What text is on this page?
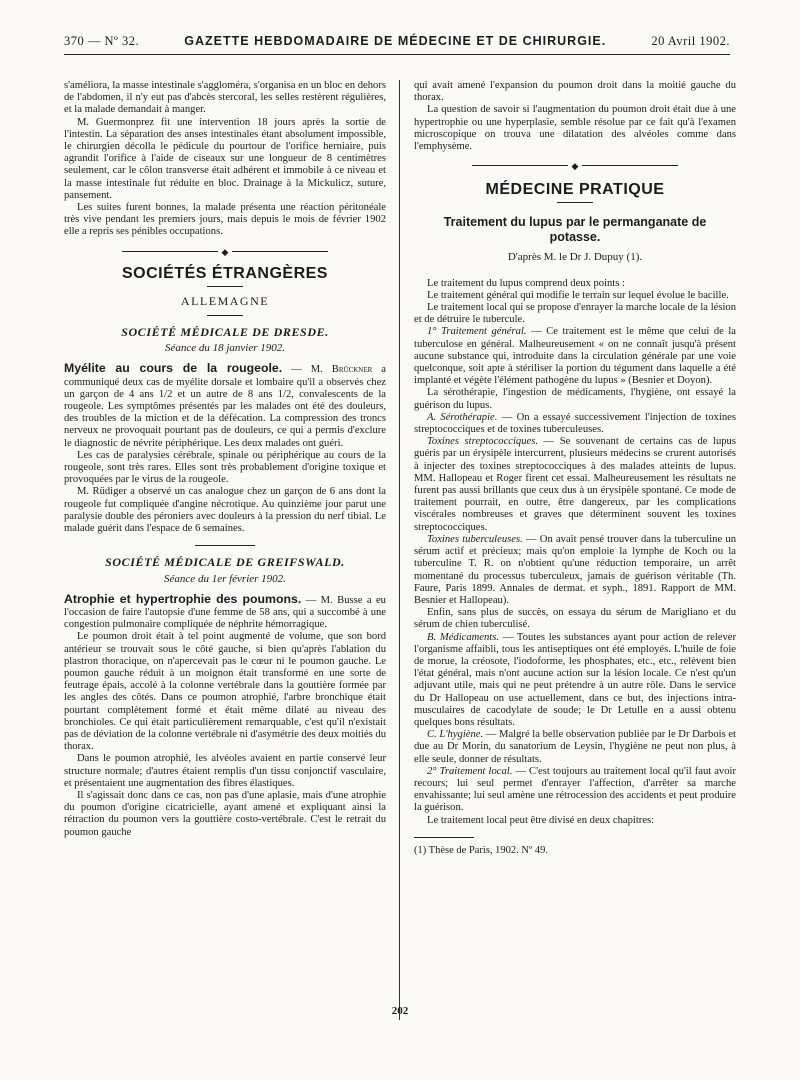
370 — Nº 32.	GAZETTE HEBDOMADAIRE DE MÉDECINE ET DE CHIRURGIE.	20 Avril 1902.

s'améliora, la masse intestinale s'aggloméra, s'organisa en un bloc en dehors de l'abdomen, il n'y eut pas d'abcès stercoral, les selles restèrent régulières, et la malade demandait à manger.

M. Guermonprez fit une intervention 18 jours après la sortie de l'intestin. La séparation des anses intestinales étant absolument impossible, le chirurgien décolla le pédicule du pourtour de l'orifice herniaire, puis agrandit l'orifice à l'aide de ciseaux sur une longueur de 8 centimètres seulement, car le côlon transverse était adhérent et immobile à ce niveau et la masse intestinale fut réduite en bloc. Drainage à la Mickulicz, suture, pansement.

Les suites furent bonnes, la malade présenta une réaction péritonéale très vive pendant les premiers jours, mais depuis le mois de février 1902 elle a repris ses pénibles occupations.

◆
SOCIÉTÉS ÉTRANGÈRES
ALLEMAGNE
SOCIÉTÉ MÉDICALE DE DRESDE.
Séance du 18 janvier 1902.

Myélite au cours de la rougeole. — M. Brückner a communiqué deux cas de myélite dorsale et lombaire qu'il a observés chez un garçon de 4 ans 1/2 et un autre de 8 ans 1/2, convalescents de la rougeole. Les symptômes présentés par les malades ont été des douleurs, des troubles de la miction et de la défécation. La compression des troncs nerveux ne provoquait pourtant pas de douleurs, ce qui a permis d'exclure le diagnostic de névrite périphérique. Les deux malades ont guéri.

Les cas de paralysies cérébrale, spinale ou périphérique au cours de la rougeole, sont très rares. Elles sont très probablement d'origine toxique et provoquées par le virus de la rougeole.

M. Rüdiger a observé un cas analogue chez un garçon de 6 ans dont la rougeole fut compliquée d'angine nécrotique. Au quinzième jour parut une paralysie double des péroniers avec douleurs à la pression du nerf tibial. Le malade guérit dans l'espace de 6 semaines.

SOCIÉTÉ MÉDICALE DE GREIFSWALD.
Séance du 1er février 1902.

Atrophie et hypertrophie des poumons. — M. Busse a eu l'occasion de faire l'autopsie d'une femme de 58 ans, qui a succombé à une congestion pulmonaire compliquée de néphrite hémorragique.

Le poumon droit était à tel point augmenté de volume, que son bord antérieur se trouvait sous le côté gauche, si bien qu'après l'ablation du plastron thoracique, on n'apercevait pas le cœur ni le poumon gauche. Le poumon gauche réduit à un moignon était transformé en une sorte de feutrage épais, accolé à la colonne vertébrale dans la gouttière formée par les angles des côtés. Dans ce poumon atrophié, l'arbre bronchique était pourtant complètement formé et était même dilaté au niveau des bronchioles. Ce qui était particulièrement remarquable, c'est qu'il n'existait pas de déviation de la colonne vertébrale ni d'asymétrie des deux moitiés du thorax.

Dans le poumon atrophié, les alvéoles avaient en partie conservé leur structure normale; d'autres étaient remplis d'un tissu conjonctif vasculaire, et présentaient une augmentation des fibres élastiques.

Il s'agissait donc dans ce cas, non pas d'une aplasie, mais d'une atrophie du poumon d'origine cicatricielle, ayant amené et expliquant ainsi la rétraction du poumon vers la gouttière costo-vertébrale. C'est le retrait du poumon gauche

qui avait amené l'expansion du poumon droit dans la moitié gauche du thorax.

La question de savoir si l'augmentation du poumon droit était due à une hypertrophie ou une hyperplasie, semble résolue par ce fait qu'à l'examen microscopique on trouva une dilatation des alvéoles comme dans l'emphysème.

◆
MÉDECINE PRATIQUE
Traitement du lupus par le permanganate de potasse.
D'après M. le Dr J. Dupuy (1).

Le traitement du lupus comprend deux points :

Le traitement général qui modifie le terrain sur lequel évolue le bacille.

Le traitement local qui se propose d'enrayer la marche locale de la lésion et de détruire le tubercule.

1° Traitement général. — Ce traitement est le même que celui de la tuberculose en général. Malheureusement « on ne connaît jusqu'à présent aucune substance qui, introduite dans la circulation générale par une voie quelconque, soit apte à stériliser la portion du tégument dans laquelle a été implanté et végète l'élément pathogène du lupus » (Besnier et Doyon).

La sérothérapie, l'ingestion de médicaments, l'hygiène, ont essayé la guérison du lupus.

A. Sérothérapie. — On a essayé successivement l'injection de toxines streptococciques et de toxines tuberculeuses.

Toxines streptococciques. — Se souvenant de certains cas de lupus guéris par un érysipèle intercurrent, plusieurs médecins se crurent autorisés à injecter des toxines streptococciques à des malades atteints de lupus. MM. Hallopeau et Roger firent cet essai. Malheureusement les résultats ne furent pas aussi brillants que ceux dus à un érysipèle spontané. Ce mode de traitement pourrait, en outre, être dangereux, par les complications viscérales nombreuses et graves que déterminent souvent les toxines streptococciques.

Toxines tuberculeuses. — On avait pensé trouver dans la tuberculine un sérum actif et précieux; mais qu'on emploie la lymphe de Koch ou la tuberculine T. R. on n'obtient qu'une réduction temporaire, un arrêt momentané du processus tuberculeux, jamais de guérison véritable (Th. Faure, Paris 1899. Annales de dermat. et syph., 1891. Rapport de MM. Besnier et Hallopeau).

Enfin, sans plus de succès, on essaya du sérum de Marigliano et du sérum de chien tuberculisé.

B. Médicaments. — Toutes les substances ayant pour action de relever l'organisme affaibli, tous les antiseptiques ont été employés. L'huile de foie de morue, la créosote, l'iodoforme, les phosphates, etc., etc., relèvent bien l'état général, mais n'ont aucune action sur la lésion locale. Ce n'est qu'un adjuvant utile, mais qui ne peut prétendre à un autre rôle. Dans le service du Dr Hallopeau on use actuellement, dans ce but, des injections intra-musculaires de cacodylate de soude; le Dr Letulle en a aussi obtenu quelques bons résultats.

C. L'hygiène. — Malgré la belle observation publiée par le Dr Darbois et due au Dr Morin, du sanatorium de Leysin, l'hygiène ne peut non plus, à elle seule, donner de résultats.

2° Traitement local. — C'est toujours au traitement local qu'il faut avoir recours; lui seul permet d'enrayer l'affection, d'arrêter sa marche envahissante; lui seul amène une rétrocession des accidents et peut produire la guérison.

Le traitement local peut être divisé en deux chapitres:

(1) Thèse de Paris, 1902. Nº 49.
202
